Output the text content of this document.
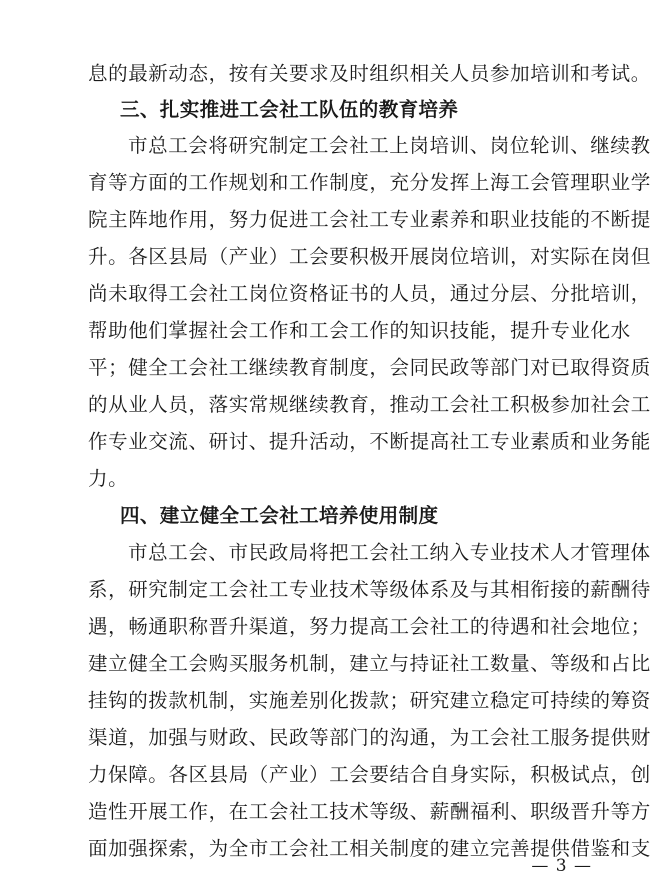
息的最新动态，按有关要求及时组织相关人员参加培训和考试。
三、扎实推进工会社工队伍的教育培养
市总工会将研究制定工会社工上岗培训、岗位轮训、继续教
育等方面的工作规划和工作制度，充分发挥上海工会管理职业学
院主阵地作用，努力促进工会社工专业素养和职业技能的不断提
升。各区县局（产业）工会要积极开展岗位培训，对实际在岗但
尚未取得工会社工岗位资格证书的人员，通过分层、分批培训，
帮助他们掌握社会工作和工会工作的知识技能，提升专业化水
平；健全工会社工继续教育制度，会同民政等部门对已取得资质
的从业人员，落实常规继续教育，推动工会社工积极参加社会工
作专业交流、研讨、提升活动，不断提高社工专业素质和业务能
力。
四、建立健全工会社工培养使用制度
市总工会、市民政局将把工会社工纳入专业技术人才管理体
系，研究制定工会社工专业技术等级体系及与其相衔接的薪酬待
遇，畅通职称晋升渠道，努力提高工会社工的待遇和社会地位；
建立健全工会购买服务机制，建立与持证社工数量、等级和占比
挂钩的拨款机制，实施差别化拨款；研究建立稳定可持续的筹资
渠道，加强与财政、民政等部门的沟通，为工会社工服务提供财
力保障。各区县局（产业）工会要结合自身实际，积极试点，创
造性开展工作，在工会社工技术等级、薪酬福利、职级晋升等方
面加强探索，为全市工会社工相关制度的建立完善提供借鉴和支
— 3 —
